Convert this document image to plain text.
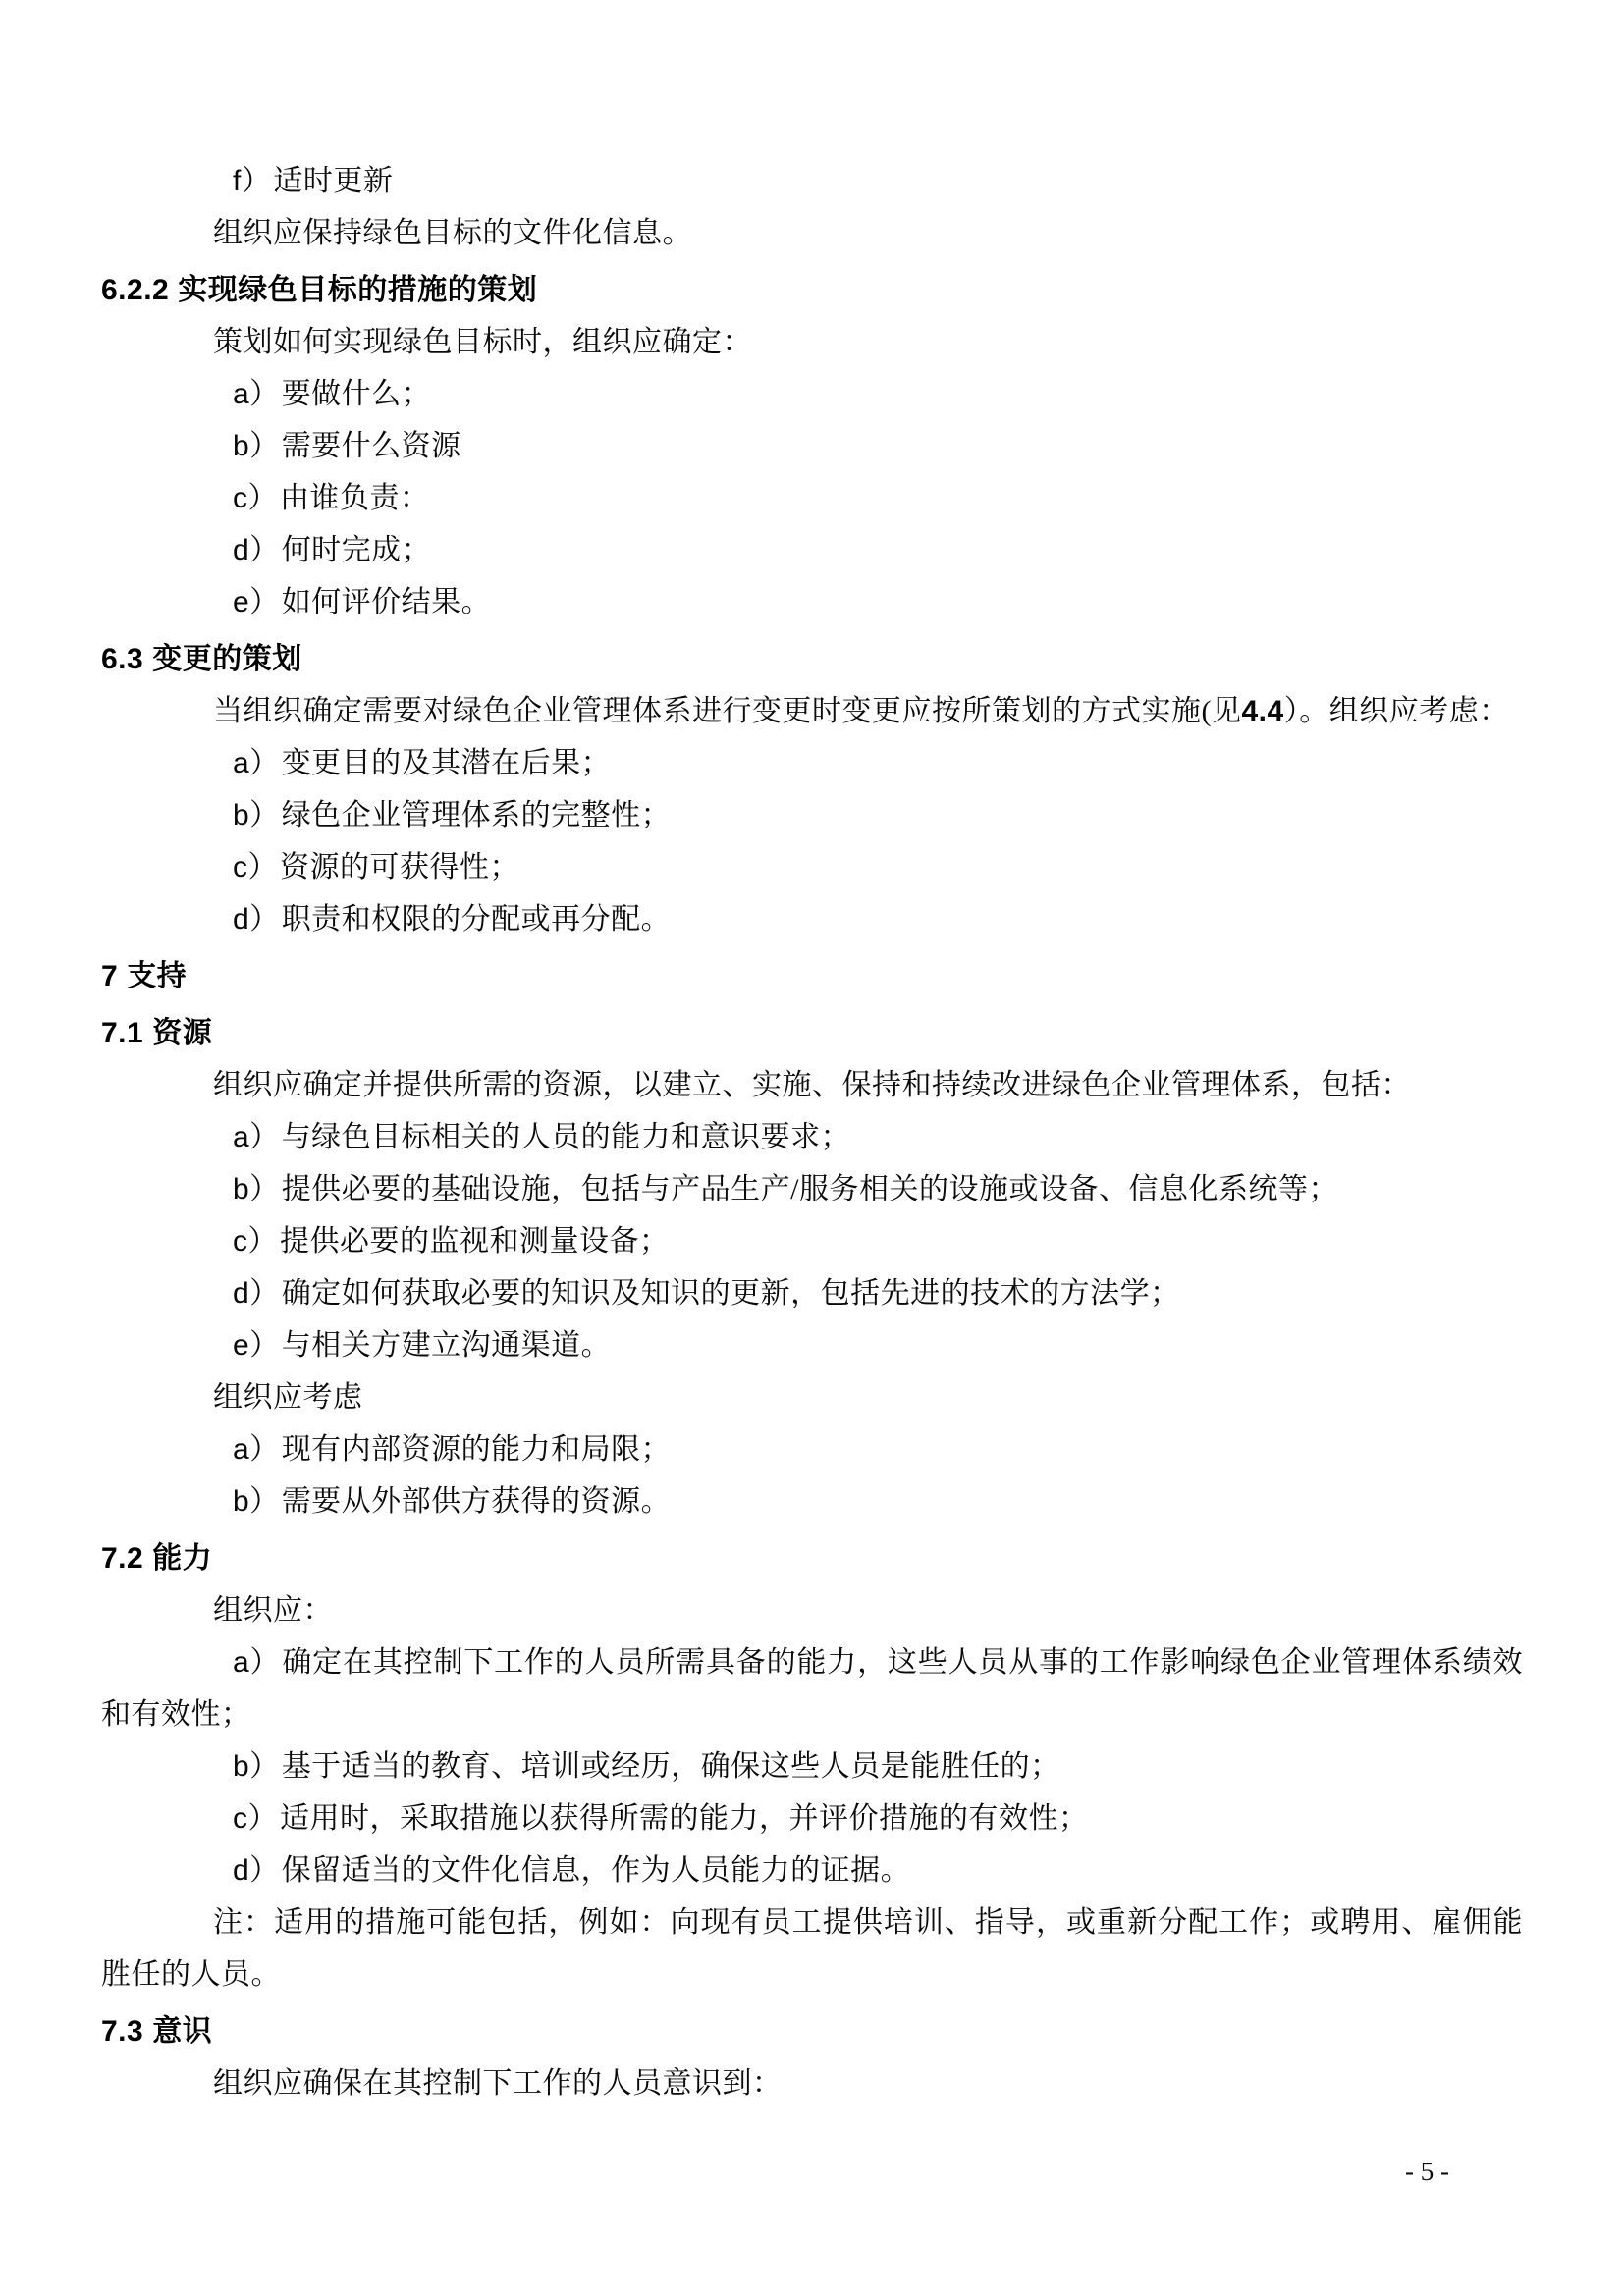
f）适时更新

组织应保持绿色目标的文件化信息。

6.2.2 实现绿色目标的措施的策划

策划如何实现绿色目标时，组织应确定：

a）要做什么；
b）需要什么资源
c）由谁负责：
d）何时完成；
e）如何评价结果。
6.3 变更的策划

当组织确定需要对绿色企业管理体系进行变更时变更应按所策划的方式实施(见4.4）。组织应考虑：

a）变更目的及其潜在后果；
b）绿色企业管理体系的完整性；
c）资源的可获得性；
d）职责和权限的分配或再分配。
7 支持
7.1 资源

组织应确定并提供所需的资源，以建立、实施、保持和持续改进绿色企业管理体系，包括：

a）与绿色目标相关的人员的能力和意识要求；
b）提供必要的基础设施，包括与产品生产/服务相关的设施或设备、信息化系统等；
c）提供必要的监视和测量设备；
d）确定如何获取必要的知识及知识的更新，包括先进的技术的方法学；
e）与相关方建立沟通渠道。

组织应考虑

a）现有内部资源的能力和局限；
b）需要从外部供方获得的资源。
7.2 能力

组织应：

a）确定在其控制下工作的人员所需具备的能力，这些人员从事的工作影响绿色企业管理体系绩效和有效性；
b）基于适当的教育、培训或经历，确保这些人员是能胜任的；
c）适用时，采取措施以获得所需的能力，并评价措施的有效性；
d）保留适当的文件化信息，作为人员能力的证据。

注：适用的措施可能包括，例如：向现有员工提供培训、指导，或重新分配工作；或聘用、雇佣能胜任的人员。

7.3 意识

组织应确保在其控制下工作的人员意识到：

- 5 -
